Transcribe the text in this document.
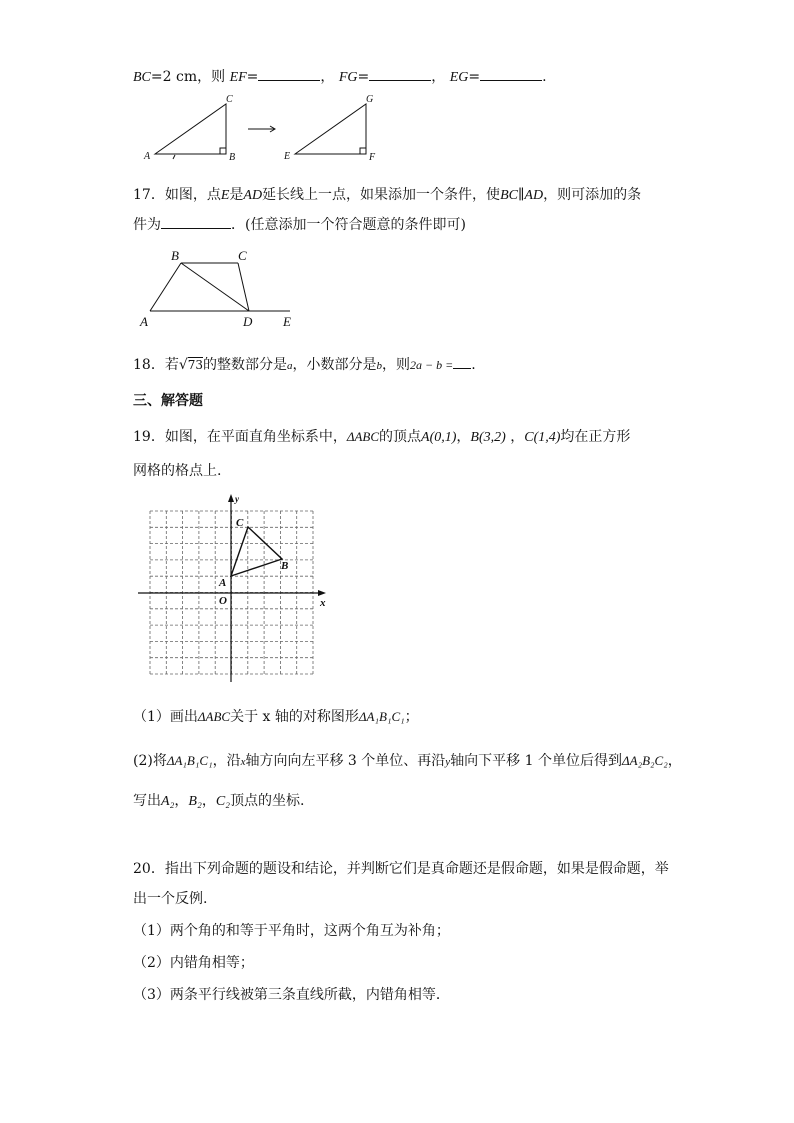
BC=2 cm，则 EF=	， FG=	， EG=	.
A	B
C
E	F
G
17．如图，点E是AD延长线上一点，如果添加一个条件，使BC∥AD，则可添加的条
件为	．(任意添加一个符合题意的条件即可)
B	C
A	D E
18．若√73的整数部分是a，小数部分是b，则2a − b = .
三、解答题
19．如图，在平面直角坐标系中，ΔABC的顶点A(0,1)，B(3,2) ，C(1,4)均在正方形
网格的格点上.
C
B
A
O	x
y
（1）画出ΔABC关于 x 轴的对称图形ΔA₁B₁C₁；
(2)将ΔA₁B₁C₁，沿x轴方向向左平移 3 个单位、再沿y轴向下平移 1 个单位后得到ΔA₂B₂C₂，
写出A₂，B₂，C₂顶点的坐标.
20．指出下列命题的题设和结论，并判断它们是真命题还是假命题，如果是假命题，举
出一个反例.
（1）两个角的和等于平角时，这两个角互为补角；
（2）内错角相等；
（3）两条平行线被第三条直线所截，内错角相等．
